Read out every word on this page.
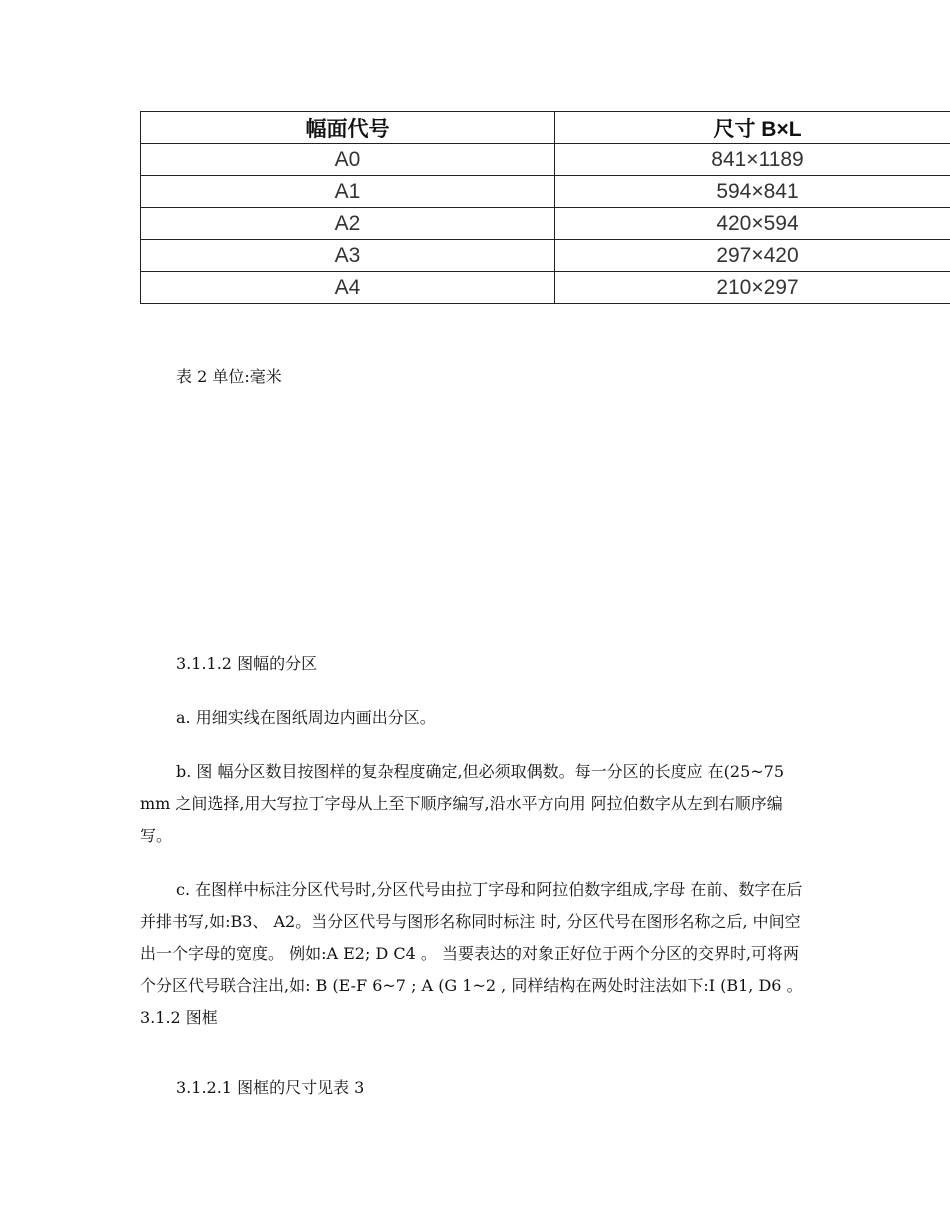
幅面代号	尺寸 B×L
A0	841×1189
A1	594×841
A2	420×594
A3	297×420
A4	210×297
表 2 单位:毫米
3.1.1.2 图幅的分区
a. 用细实线在图纸周边内画出分区。
b. 图 幅分区数目按图样的复杂程度确定,但必须取偶数。每一分区的长度应 在(25~75 mm 之间选择,用大写拉丁字母从上至下顺序编写,沿水平方向用 阿拉伯数字从左到右顺序编写。
c. 在图样中标注分区代号时,分区代号由拉丁字母和阿拉伯数字组成,字母 在前、数字在后并排书写,如:B3、 A2。当分区代号与图形名称同时标注 时, 分区代号在图形名称之后, 中间空出一个字母的宽度。 例如:A E2; D C4 。 当要表达的对象正好位于两个分区的交界时,可将两个分区代号联合注出,如: B (E-F 6~7 ; A (G 1~2 , 同样结构在两处时注法如下:I (B1, D6 。 3.1.2 图框
3.1.2.1 图框的尺寸见表 3
